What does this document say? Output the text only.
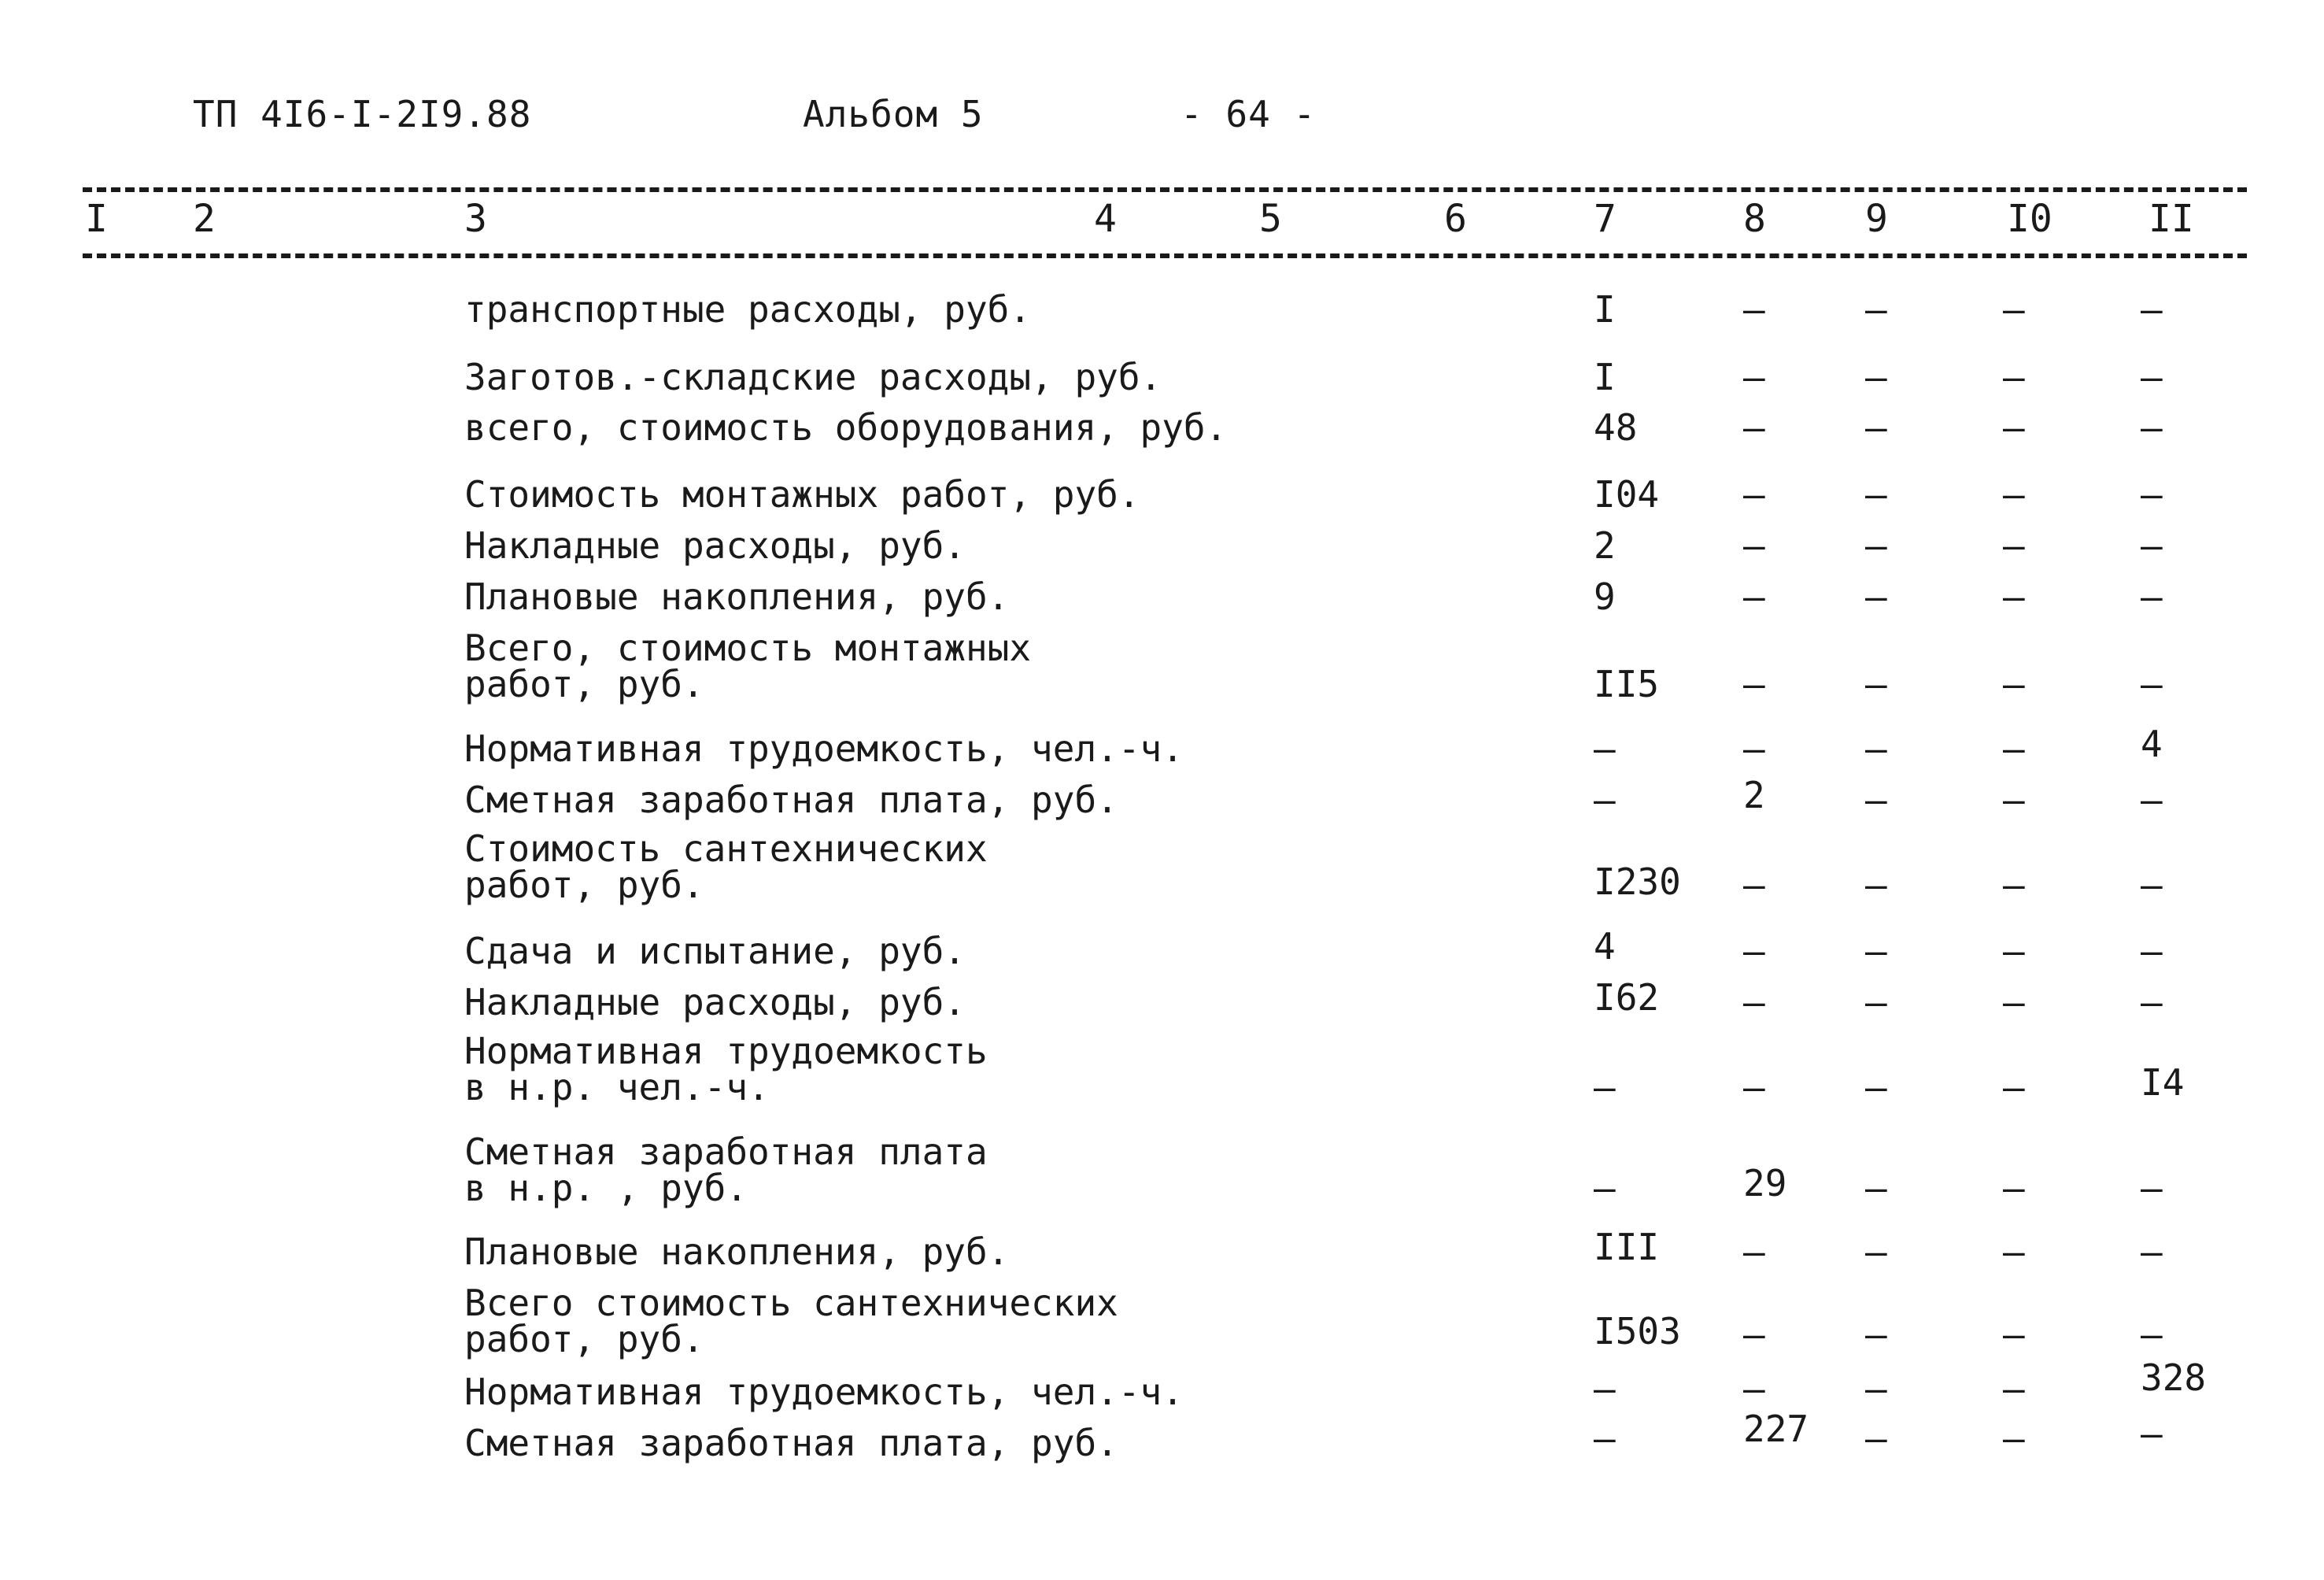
ТП 4I6-I-2I9.88	Альбом 5	- 64 -
I 2	3	4	5	6	7	8	9	I0	II
транспортные расходы, руб.	I	–	–	–	–
Заготов.-складские расходы, руб.	I	–	–	–	–
всего, стоимость оборудования, руб.	48	–	–	–	–
Стоимость монтажных работ, руб.	I04 –	–	–	–
Накладные расходы, руб.	2	–	–	–	–
Плановые накопления, руб.	9	–	–	–	–
Всего, стоимость монтажных
работ, руб.	II5 –	–	–	–
Нормативная трудоемкость, чел.-ч.	–	–	–	–	4
Сметная заработная плата, руб.	–	2	–	–	–
Стоимость сантехнических
работ, руб.	I230 –	–	–	–
Сдача и испытание, руб.	4	–	–	–	–
Накладные расходы, руб.	I62 –	–	–	–
Нормативная трудоемкость
в н.р. чел.-ч.	–	–	–	–	I4
Сметная заработная плата
в н.р. , руб.	–	29 –	–	–
Плановые накопления, руб.	III –	–	–	–
Всего стоимость сантехнических
работ, руб.	I503 –	–	–	–
Нормативная трудоемкость, чел.-ч.	–	–	–	–	328
Сметная заработная плата, руб.	–	227 –	–	–
